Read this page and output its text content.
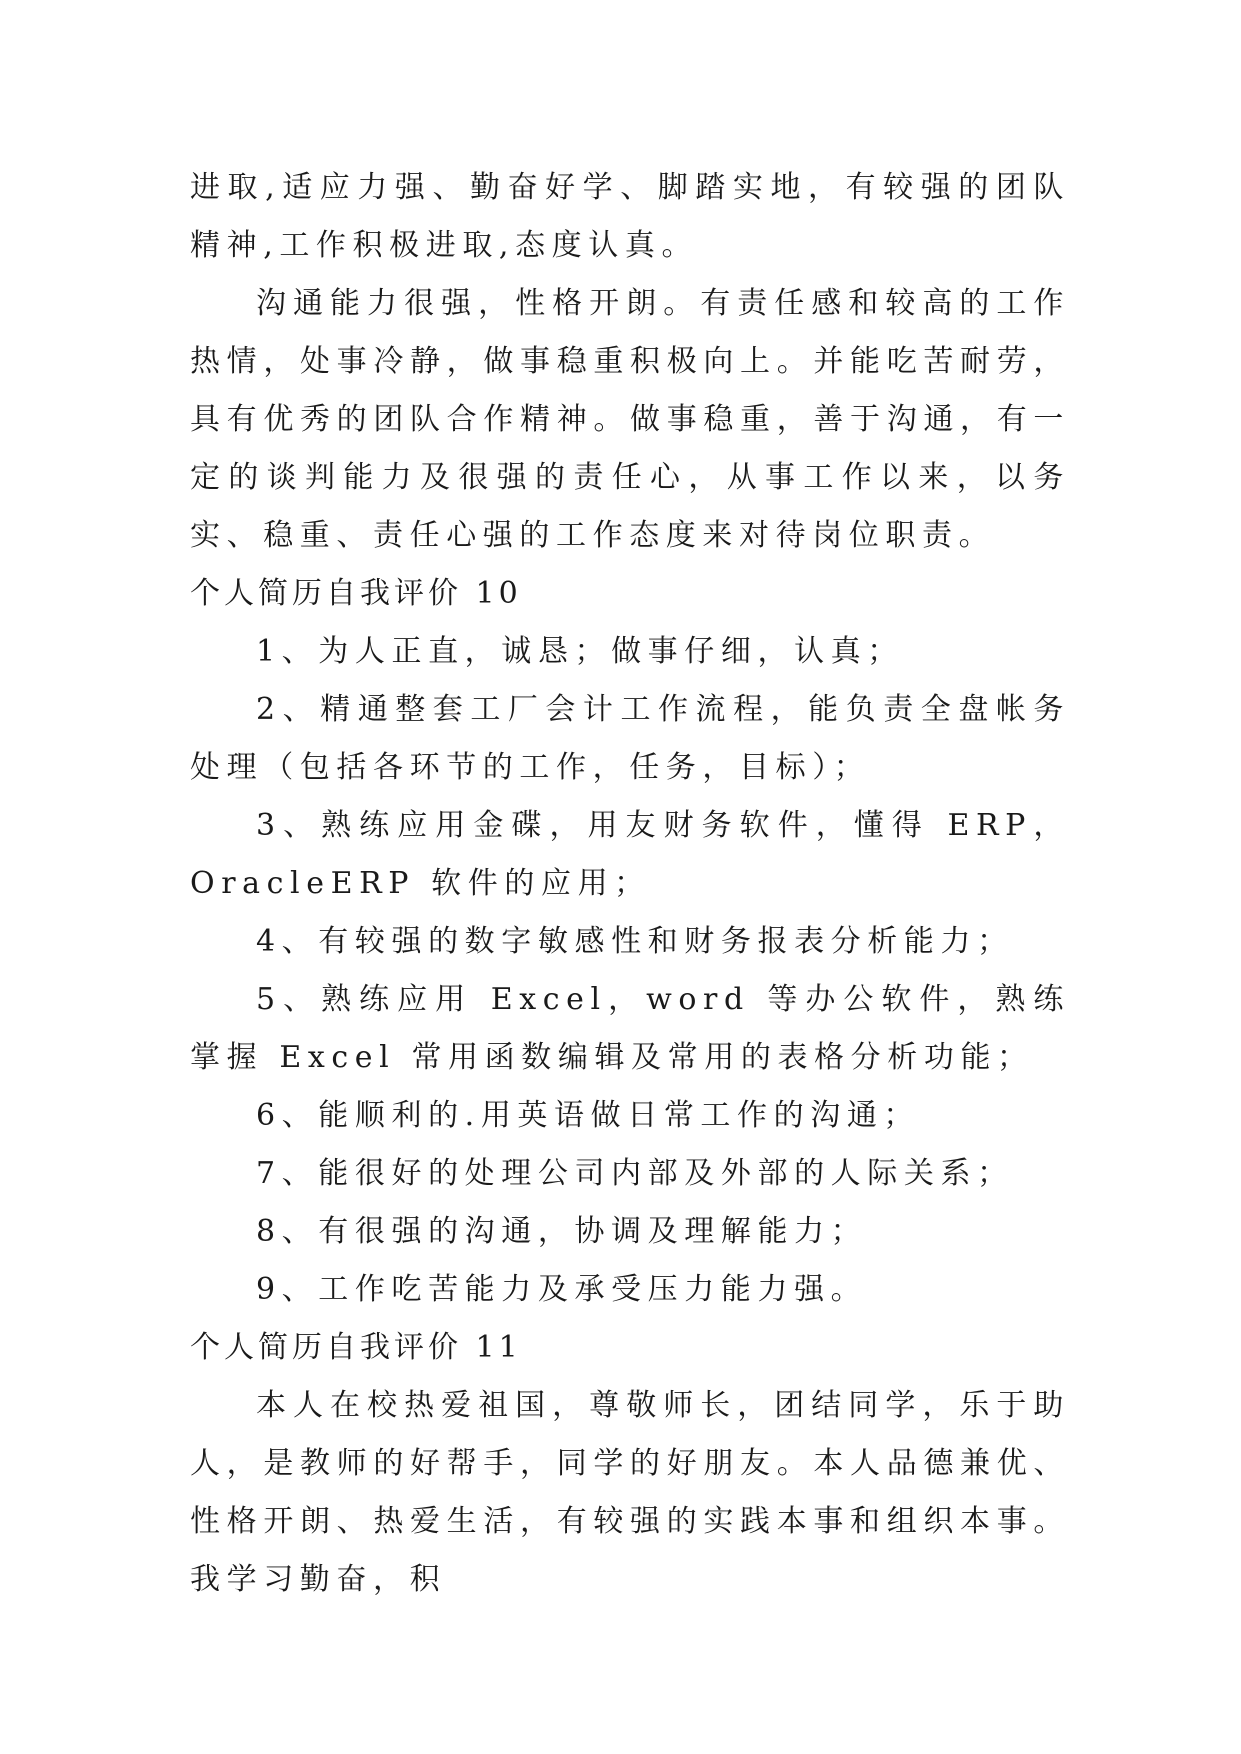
进取,适应力强、勤奋好学、脚踏实地，有较强的团队精神,工作积极进取,态度认真。

沟通能力很强，性格开朗。有责任感和较高的工作热情，处事冷静，做事稳重积极向上。并能吃苦耐劳，具有优秀的团队合作精神。做事稳重，善于沟通，有一定的谈判能力及很强的责任心，从事工作以来，以务实、稳重、责任心强的工作态度来对待岗位职责。

个人简历自我评价 10

1、为人正直，诚恳；做事仔细，认真；

2、精通整套工厂会计工作流程，能负责全盘帐务处理（包括各环节的工作，任务，目标）；

3、熟练应用金碟，用友财务软件，懂得 ERP，OracleERP 软件的应用；

4、有较强的数字敏感性和财务报表分析能力；

5、熟练应用 Excel，word 等办公软件，熟练掌握 Excel 常用函数编辑及常用的表格分析功能；

6、能顺利的.用英语做日常工作的沟通；

7、能很好的处理公司内部及外部的人际关系；

8、有很强的沟通，协调及理解能力；

9、工作吃苦能力及承受压力能力强。

个人简历自我评价 11

本人在校热爱祖国，尊敬师长，团结同学，乐于助人，是教师的好帮手，同学的好朋友。本人品德兼优、性格开朗、热爱生活，有较强的实践本事和组织本事。我学习勤奋，积
